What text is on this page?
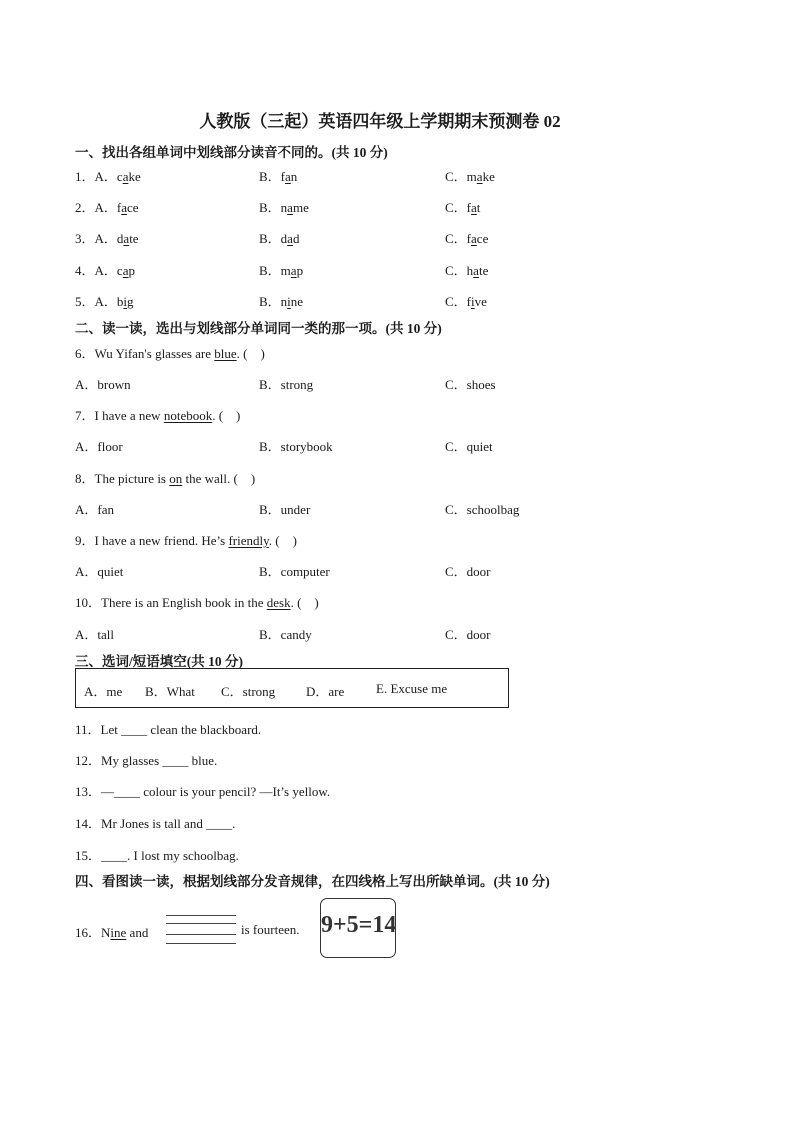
人教版（三起）英语四年级上学期期末预测卷 02
一、找出各组单词中划线部分读音不同的。(共 10 分)
二、读一读，选出与划线部分单词同一类的那一项。(共 10 分)
三、选词/短语填空(共 10 分)
四、看图读一读，根据划线部分发音规律，在四线格上写出所缺单词。(共 10 分)
1．A．cake	B．fan	C．make
2．A．face	B．name	C．fat
3．A．date	B．dad	C．face
4．A．cap	B．map	C．hate
5．A．big	B．nine	C．five
6．Wu Yifan's glasses are blue. (　)
A．brown	B．strong	C．shoes
7．I have a new notebook. (　)
A．floor	B．storybook	C．quiet
8．The picture is on the wall. (　)
A．fan	B．under	C．schoolbag
9．I have a new friend. He’s friendly. (　)
A．quiet	B．computer	C．door
10．There is an English book in the desk. (　)
A．tall	B．candy	C．door
A．me B．What C．strong D．are E. Excuse me
11．Let ____ clean the blackboard.
12．My glasses ____ blue.
13．—____ colour is your pencil? —It’s yellow.
14．Mr Jones is tall and ____.
15．____. I lost my schoolbag.
16．Nine and	is fourteen. 9+5=14
